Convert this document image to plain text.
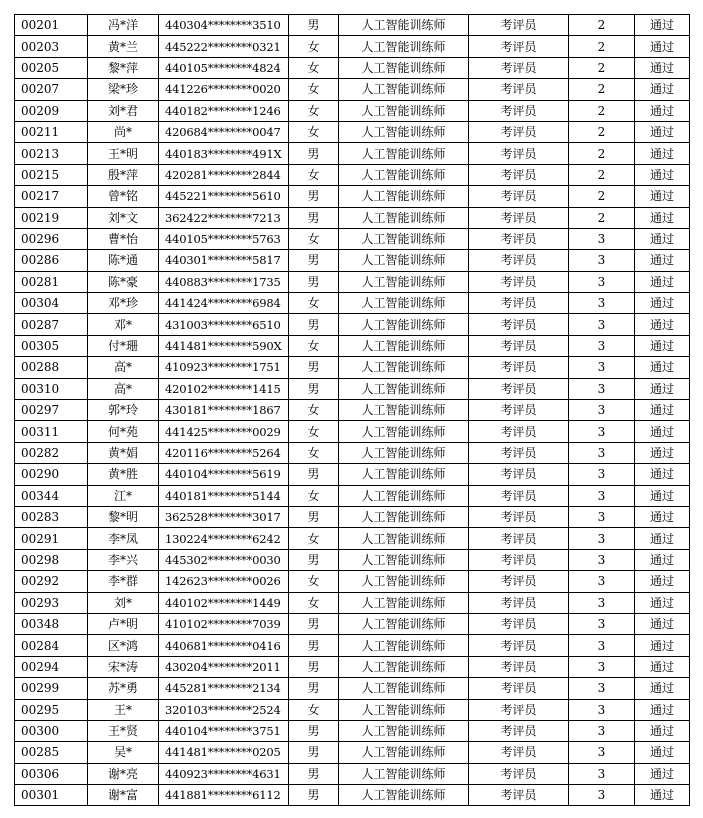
00201	冯*洋	440304********3510	男	人工智能训练师	考评员	2	通过
00203	黄*兰	445222********0321	女	人工智能训练师	考评员	2	通过
00205	黎*萍	440105********4824	女	人工智能训练师	考评员	2	通过
00207	梁*珍	441226********0020	女	人工智能训练师	考评员	2	通过
00209	刘*君	440182********1246	女	人工智能训练师	考评员	2	通过
00211	尚*	420684********0047	女	人工智能训练师	考评员	2	通过
00213	王*明	440183********491X	男	人工智能训练师	考评员	2	通过
00215	殷*萍	420281********2844	女	人工智能训练师	考评员	2	通过
00217	曾*铭	445221********5610	男	人工智能训练师	考评员	2	通过
00219	刘*文	362422********7213	男	人工智能训练师	考评员	2	通过
00296	曹*怡	440105********5763	女	人工智能训练师	考评员	3	通过
00286	陈*通	440301********5817	男	人工智能训练师	考评员	3	通过
00281	陈*豪	440883********1735	男	人工智能训练师	考评员	3	通过
00304	邓*珍	441424********6984	女	人工智能训练师	考评员	3	通过
00287	邓*	431003********6510	男	人工智能训练师	考评员	3	通过
00305	付*珊	441481********590X	女	人工智能训练师	考评员	3	通过
00288	高*	410923********1751	男	人工智能训练师	考评员	3	通过
00310	高*	420102********1415	男	人工智能训练师	考评员	3	通过
00297	郭*玲	430181********1867	女	人工智能训练师	考评员	3	通过
00311	何*苑	441425********0029	女	人工智能训练师	考评员	3	通过
00282	黄*娟	420116********5264	女	人工智能训练师	考评员	3	通过
00290	黄*胜	440104********5619	男	人工智能训练师	考评员	3	通过
00344	江*	440181********5144	女	人工智能训练师	考评员	3	通过
00283	黎*明	362528********3017	男	人工智能训练师	考评员	3	通过
00291	李*凤	130224********6242	女	人工智能训练师	考评员	3	通过
00298	李*兴	445302********0030	男	人工智能训练师	考评员	3	通过
00292	李*群	142623********0026	女	人工智能训练师	考评员	3	通过
00293	刘*	440102********1449	女	人工智能训练师	考评员	3	通过
00348	卢*明	410102********7039	男	人工智能训练师	考评员	3	通过
00284	区*鸿	440681********0416	男	人工智能训练师	考评员	3	通过
00294	宋*涛	430204********2011	男	人工智能训练师	考评员	3	通过
00299	苏*勇	445281********2134	男	人工智能训练师	考评员	3	通过
00295	王*	320103********2524	女	人工智能训练师	考评员	3	通过
00300	王*贤	440104********3751	男	人工智能训练师	考评员	3	通过
00285	吴*	441481********0205	男	人工智能训练师	考评员	3	通过
00306	谢*亮	440923********4631	男	人工智能训练师	考评员	3	通过
00301	谢*富	441881********6112	男	人工智能训练师	考评员	3	通过
